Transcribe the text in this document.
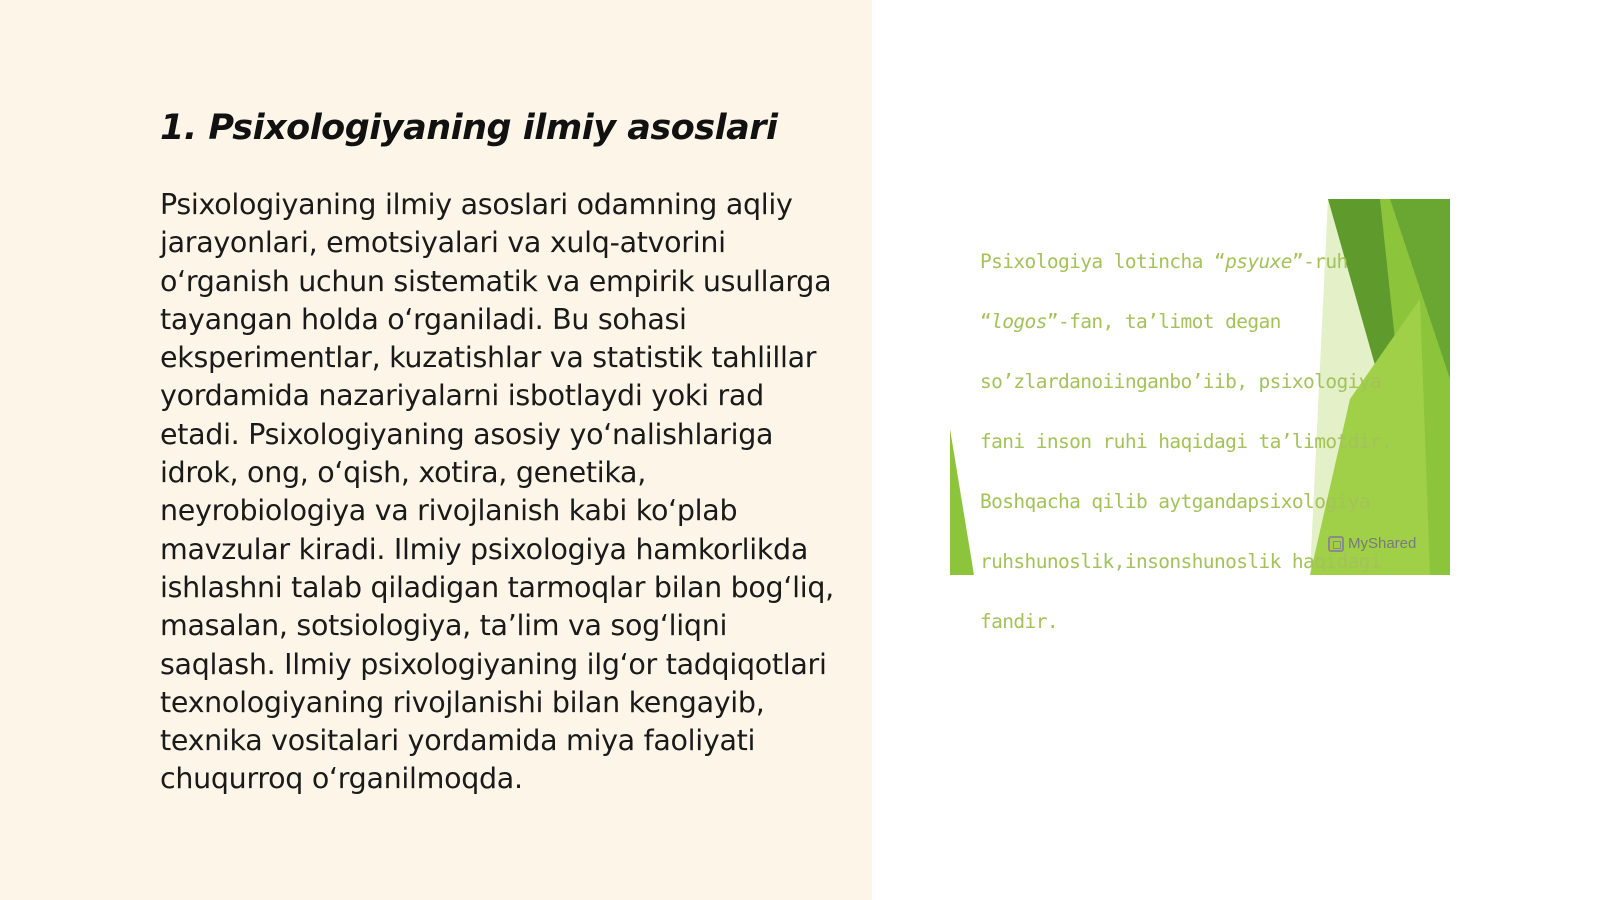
1. Psixologiyaning ilmiy asoslari

Psixologiyaning ilmiy asoslari odamning aqliy jarayonlari, emotsiyalari va xulq-atvorini o‘rganish uchun sistematik va empirik usullarga tayangan holda o‘rganiladi. Bu sohasi eksperimentlar, kuzatishlar va statistik tahlillar yordamida nazariyalarni isbotlaydi yoki rad etadi. Psixologiyaning asosiy yo‘nalishlariga idrok, ong, o‘qish, xotira, genetika, neyrobiologiya va rivojlanish kabi ko‘plab mavzular kiradi. Ilmiy psixologiya hamkorlikda ishlashni talab qiladigan tarmoqlar bilan bog‘liq, masalan, sotsiologiya, ta’lim va sog‘liqni saqlash. Ilmiy psixologiyaning ilg‘or tadqiqotlari texnologiyaning rivojlanishi bilan kengayib, texnika vositalari yordamida miya faoliyati chuqurroq o‘rganilmoqda.

Psixologiya lotincha “psyuxe”-ruh

“logos”-fan, ta’limot degan

so’zlardanoiinganbo’iib, psixologiya

fani inson ruhi haqidagi ta’limotdir.

Boshqacha qilib aytgandapsixologiya

ruhshunoslik,insonshunoslik haqidagi

fandir.

MyShared
